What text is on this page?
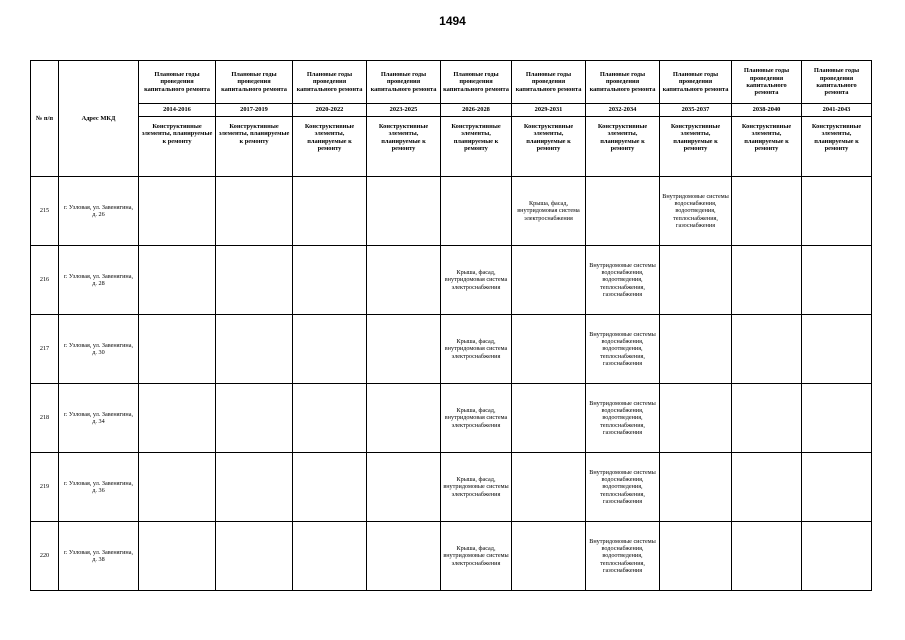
1494
№ п/п	Адрес МКД	Плановые годы проведения капитального ремонта	Плановые годы проведения капитального ремонта	Плановые годы проведения капитального ремонта	Плановые годы проведения капитального ремонта	Плановые годы проведения капитального ремонта	Плановые годы проведения капитального ремонта	Плановые годы проведения капитального ремонта	Плановые годы проведения капитального ремонта	Плановые годы проведения капитального ремонта	Плановые годы проведения капитального ремонта
		2014-2016	2017-2019	2020-2022	2023-2025	2026-2028	2029-2031	2032-2034	2035-2037	2038-2040	2041-2043
		Конструктивные элементы, планируемые к ремонту	Конструктивные элементы, планируемые к ремонту	Конструктивные элементы, планируемые к ремонту	Конструктивные элементы, планируемые к ремонту	Конструктивные элементы, планируемые к ремонту	Конструктивные элементы, планируемые к ремонту	Конструктивные элементы, планируемые к ремонту	Конструктивные элементы, планируемые к ремонту	Конструктивные элементы, планируемые к ремонту	Конструктивные элементы, планируемые к ремонту
215	г. Узловая, ул. Завенягина, д. 26						Крыша, фасад, внутридомовая система электроснабжения		Внутридомовые системы водоснабжения, водоотведения, теплоснабжения, газоснабжения		
216	г. Узловая, ул. Завенягина, д. 28					Крыша, фасад, внутридомовая система электроснабжения		Внутридомовые системы водоснабжения, водоотведения, теплоснабжения, газоснабжения			
217	г. Узловая, ул. Завенягина, д. 30					Крыша, фасад, внутридомовая система электроснабжения		Внутридомовые системы водоснабжения, водоотведения, теплоснабжения, газоснабжения			
218	г. Узловая, ул. Завенягина, д. 34					Крыша, фасад, внутридомовая система электроснабжения		Внутридомовые системы водоснабжения, водоотведения, теплоснабжения, газоснабжения			
219	г. Узловая, ул. Завенягина, д. 36					Крыша, фасад, внутридомовые системы электроснабжения		Внутридомовые системы водоснабжения, водоотведения, теплоснабжения, газоснабжения			
220	г. Узловая, ул. Завенягина, д. 38					Крыша, фасад, внутридомовые системы электроснабжения		Внутридомовые системы водоснабжения, водоотведения, теплоснабжения, газоснабжения			
